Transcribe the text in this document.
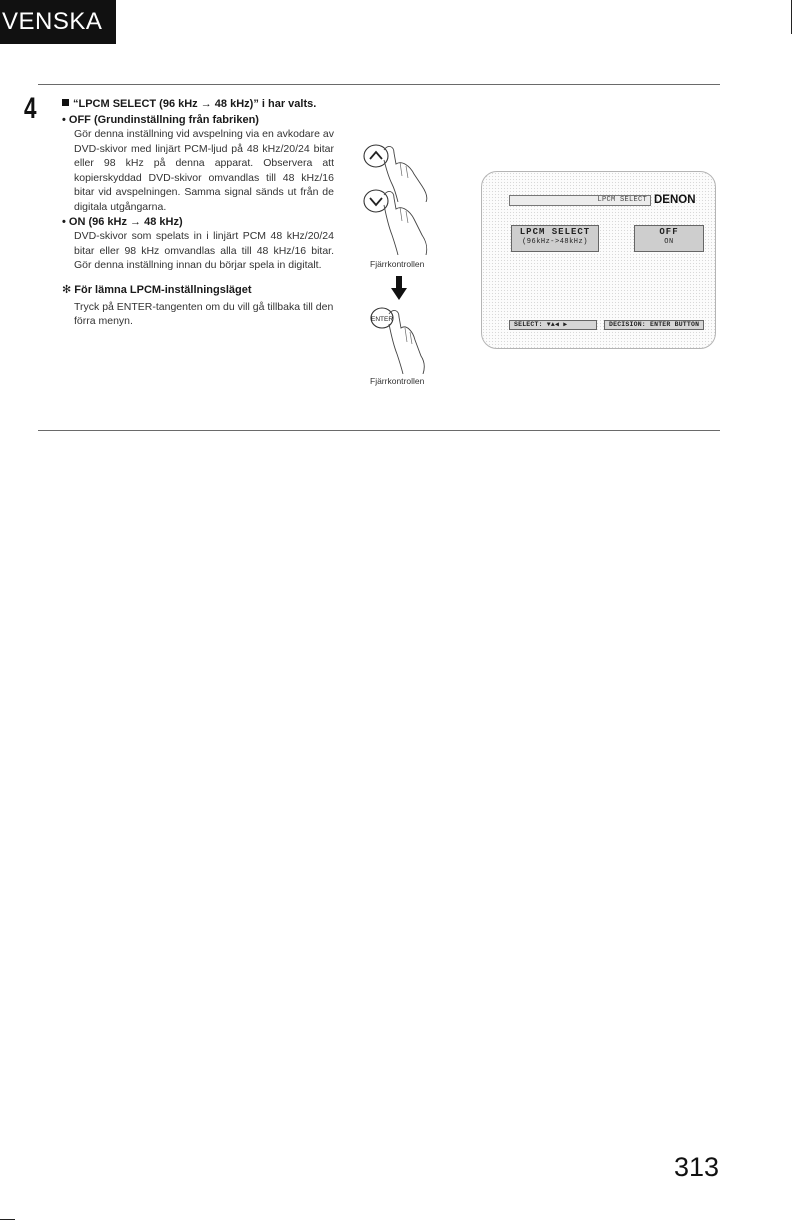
VENSKA
4	“LPCM SELECT (96 kHz → 48 kHz)” i har valts.
• OFF (Grundinställning från fabriken)
Gör denna inställning vid avspelning via en avkodare av DVD-skivor med linjärt PCM-ljud på 48 kHz/20/24 bitar eller 98 kHz på denna apparat. Observera att kopierskyddad DVD-skivor omvandlas till 48 kHz/16 bitar vid avspelningen. Samma signal sänds ut från de digitala utgångarna.
• ON (96 kHz → 48 kHz)
DVD-skivor som spelats in i linjärt PCM 48 kHz/20/24 bitar eller 98 kHz omvandlas alla till 48 kHz/16 bitar. Gör denna inställning innan du börjar spela in digitalt.
✻ För lämna LPCM-inställningsläget
Tryck på ENTER-tangenten om du vill gå tillbaka till den förra menyn.
Fjärrkontrollen
ENTER
Fjärrkontrollen
LPCM SELECT DENON
LPCM SELECT
(96kHz->48kHz)
OFF
ON
SELECT: ▼▲◀ ▶	DECISION: ENTER BUTTON
313
